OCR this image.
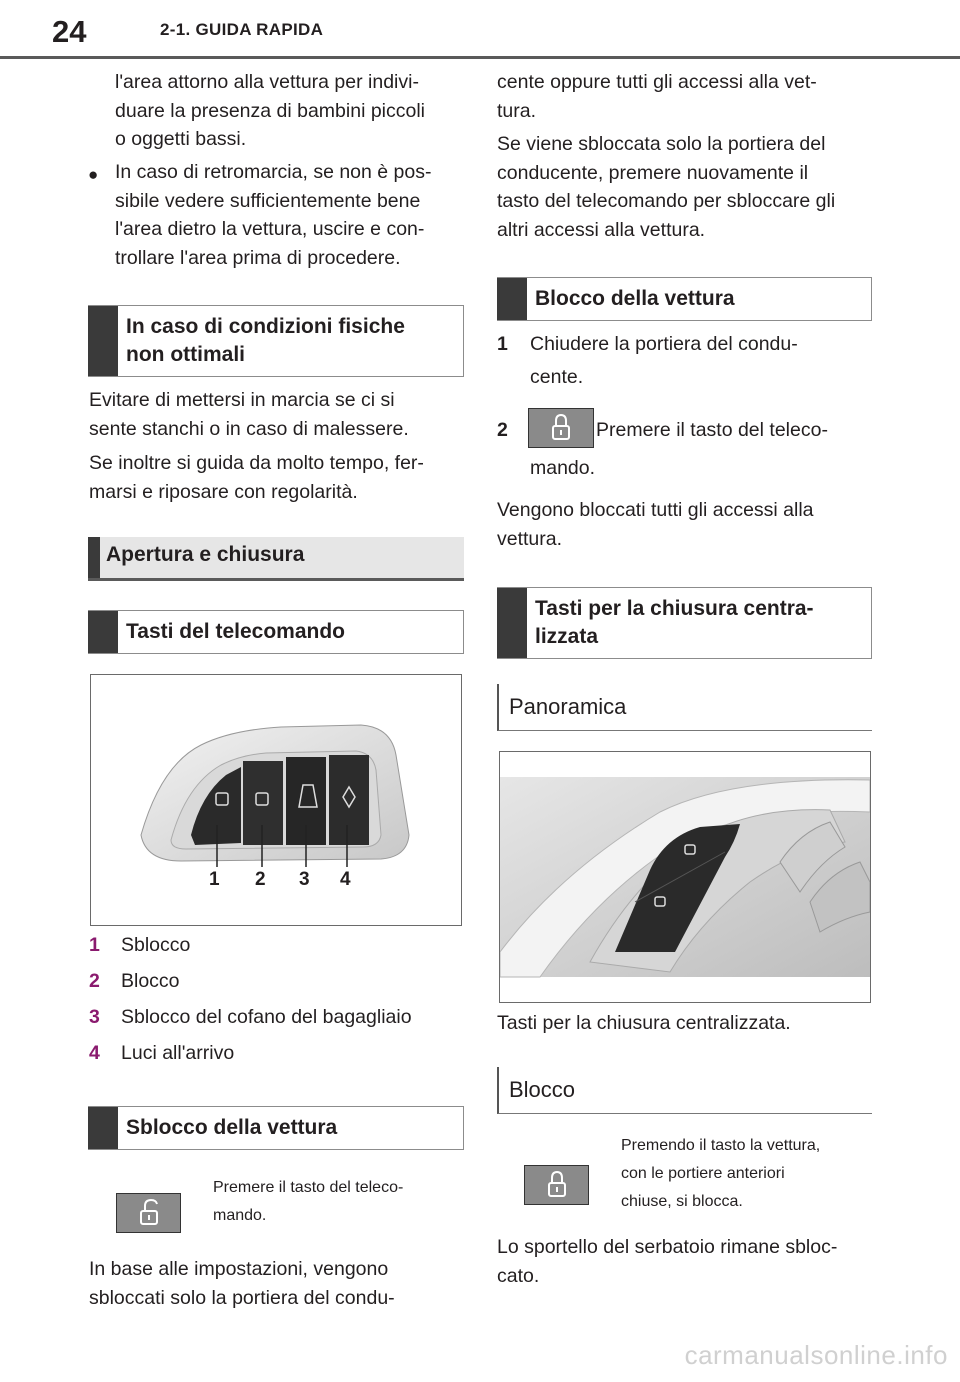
24	2-1. GUIDA RAPIDA
l'area attorno alla vettura per indivi-
duare la presenza di bambini piccoli
o oggetti bassi.
● In caso di retromarcia, se non è pos-
sibile vedere sufficientemente bene
l'area dietro la vettura, uscire e con-
trollare l'area prima di procedere.
In caso di condizioni fisiche
non ottimali
Evitare di mettersi in marcia se ci si
sente stanchi o in caso di malessere.
Se inoltre si guida da molto tempo, fer-
marsi e riposare con regolarità.
Apertura e chiusura
Tasti del telecomando
1 2 3 4
1 Sblocco
2 Blocco
3 Sblocco del cofano del bagagliaio
4 Luci all'arrivo
Sblocco della vettura
Premere il tasto del teleco-
mando.
In base alle impostazioni, vengono
sbloccati solo la portiera del condu-
cente oppure tutti gli accessi alla vet-
tura.
Se viene sbloccata solo la portiera del
conducente, premere nuovamente il
tasto del telecomando per sbloccare gli
altri accessi alla vettura.
Blocco della vettura
1 Chiudere la portiera del condu-
cente.
2	Premere il tasto del teleco-
mando.
Vengono bloccati tutti gli accessi alla
vettura.
Tasti per la chiusura centra-
lizzata
Panoramica
Tasti per la chiusura centralizzata.
Blocco
Premendo il tasto la vettura,
con le portiere anteriori
chiuse, si blocca.
Lo sportello del serbatoio rimane sbloc-
cato.
carmanualsonline.info
